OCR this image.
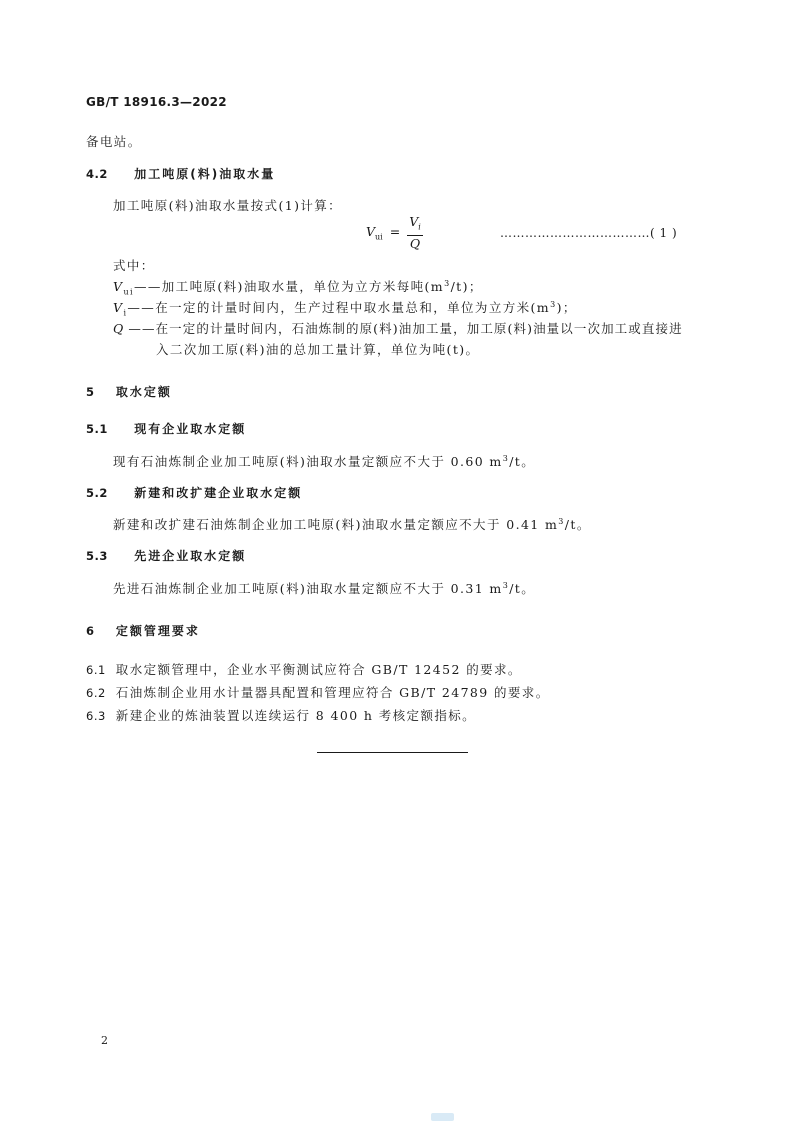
GB/T 18916.3—2022
备电站。
4.2 加工吨原(料)油取水量
加工吨原(料)油取水量按式(1)计算：
$V_{ui} = \frac{V_i}{Q}$	………………………………( 1 )
式中：
$V_{ui}——$加工吨原(料)油取水量，单位为立方米每吨$(m^3/t)$；
$V_i——$在一定的计量时间内，生产过程中取水量总和，单位为立方米$(m^3)$；
Q ——在一定的计量时间内，石油炼制的原(料)油加工量，加工原(料)油量以一次加工或直接进
入二次加工原(料)油的总加工量计算，单位为吨(t)。
5 取水定额
5.1 现有企业取水定额
现有石油炼制企业加工吨原(料)油取水量定额应不大于 0.60 $m^3/t$。
5.2 新建和改扩建企业取水定额
新建和改扩建石油炼制企业加工吨原(料)油取水量定额应不大于 0.41 $m^3/t$。
5.3 先进企业取水定额
先进石油炼制企业加工吨原(料)油取水量定额应不大于 0.31 $m^3/t$。
6 定额管理要求
6.1 取水定额管理中，企业水平衡测试应符合 GB/T 12452 的要求。
6.2 石油炼制企业用水计量器具配置和管理应符合 GB/T 24789 的要求。
6.3 新建企业的炼油装置以连续运行 8 400 h 考核定额指标。
2
